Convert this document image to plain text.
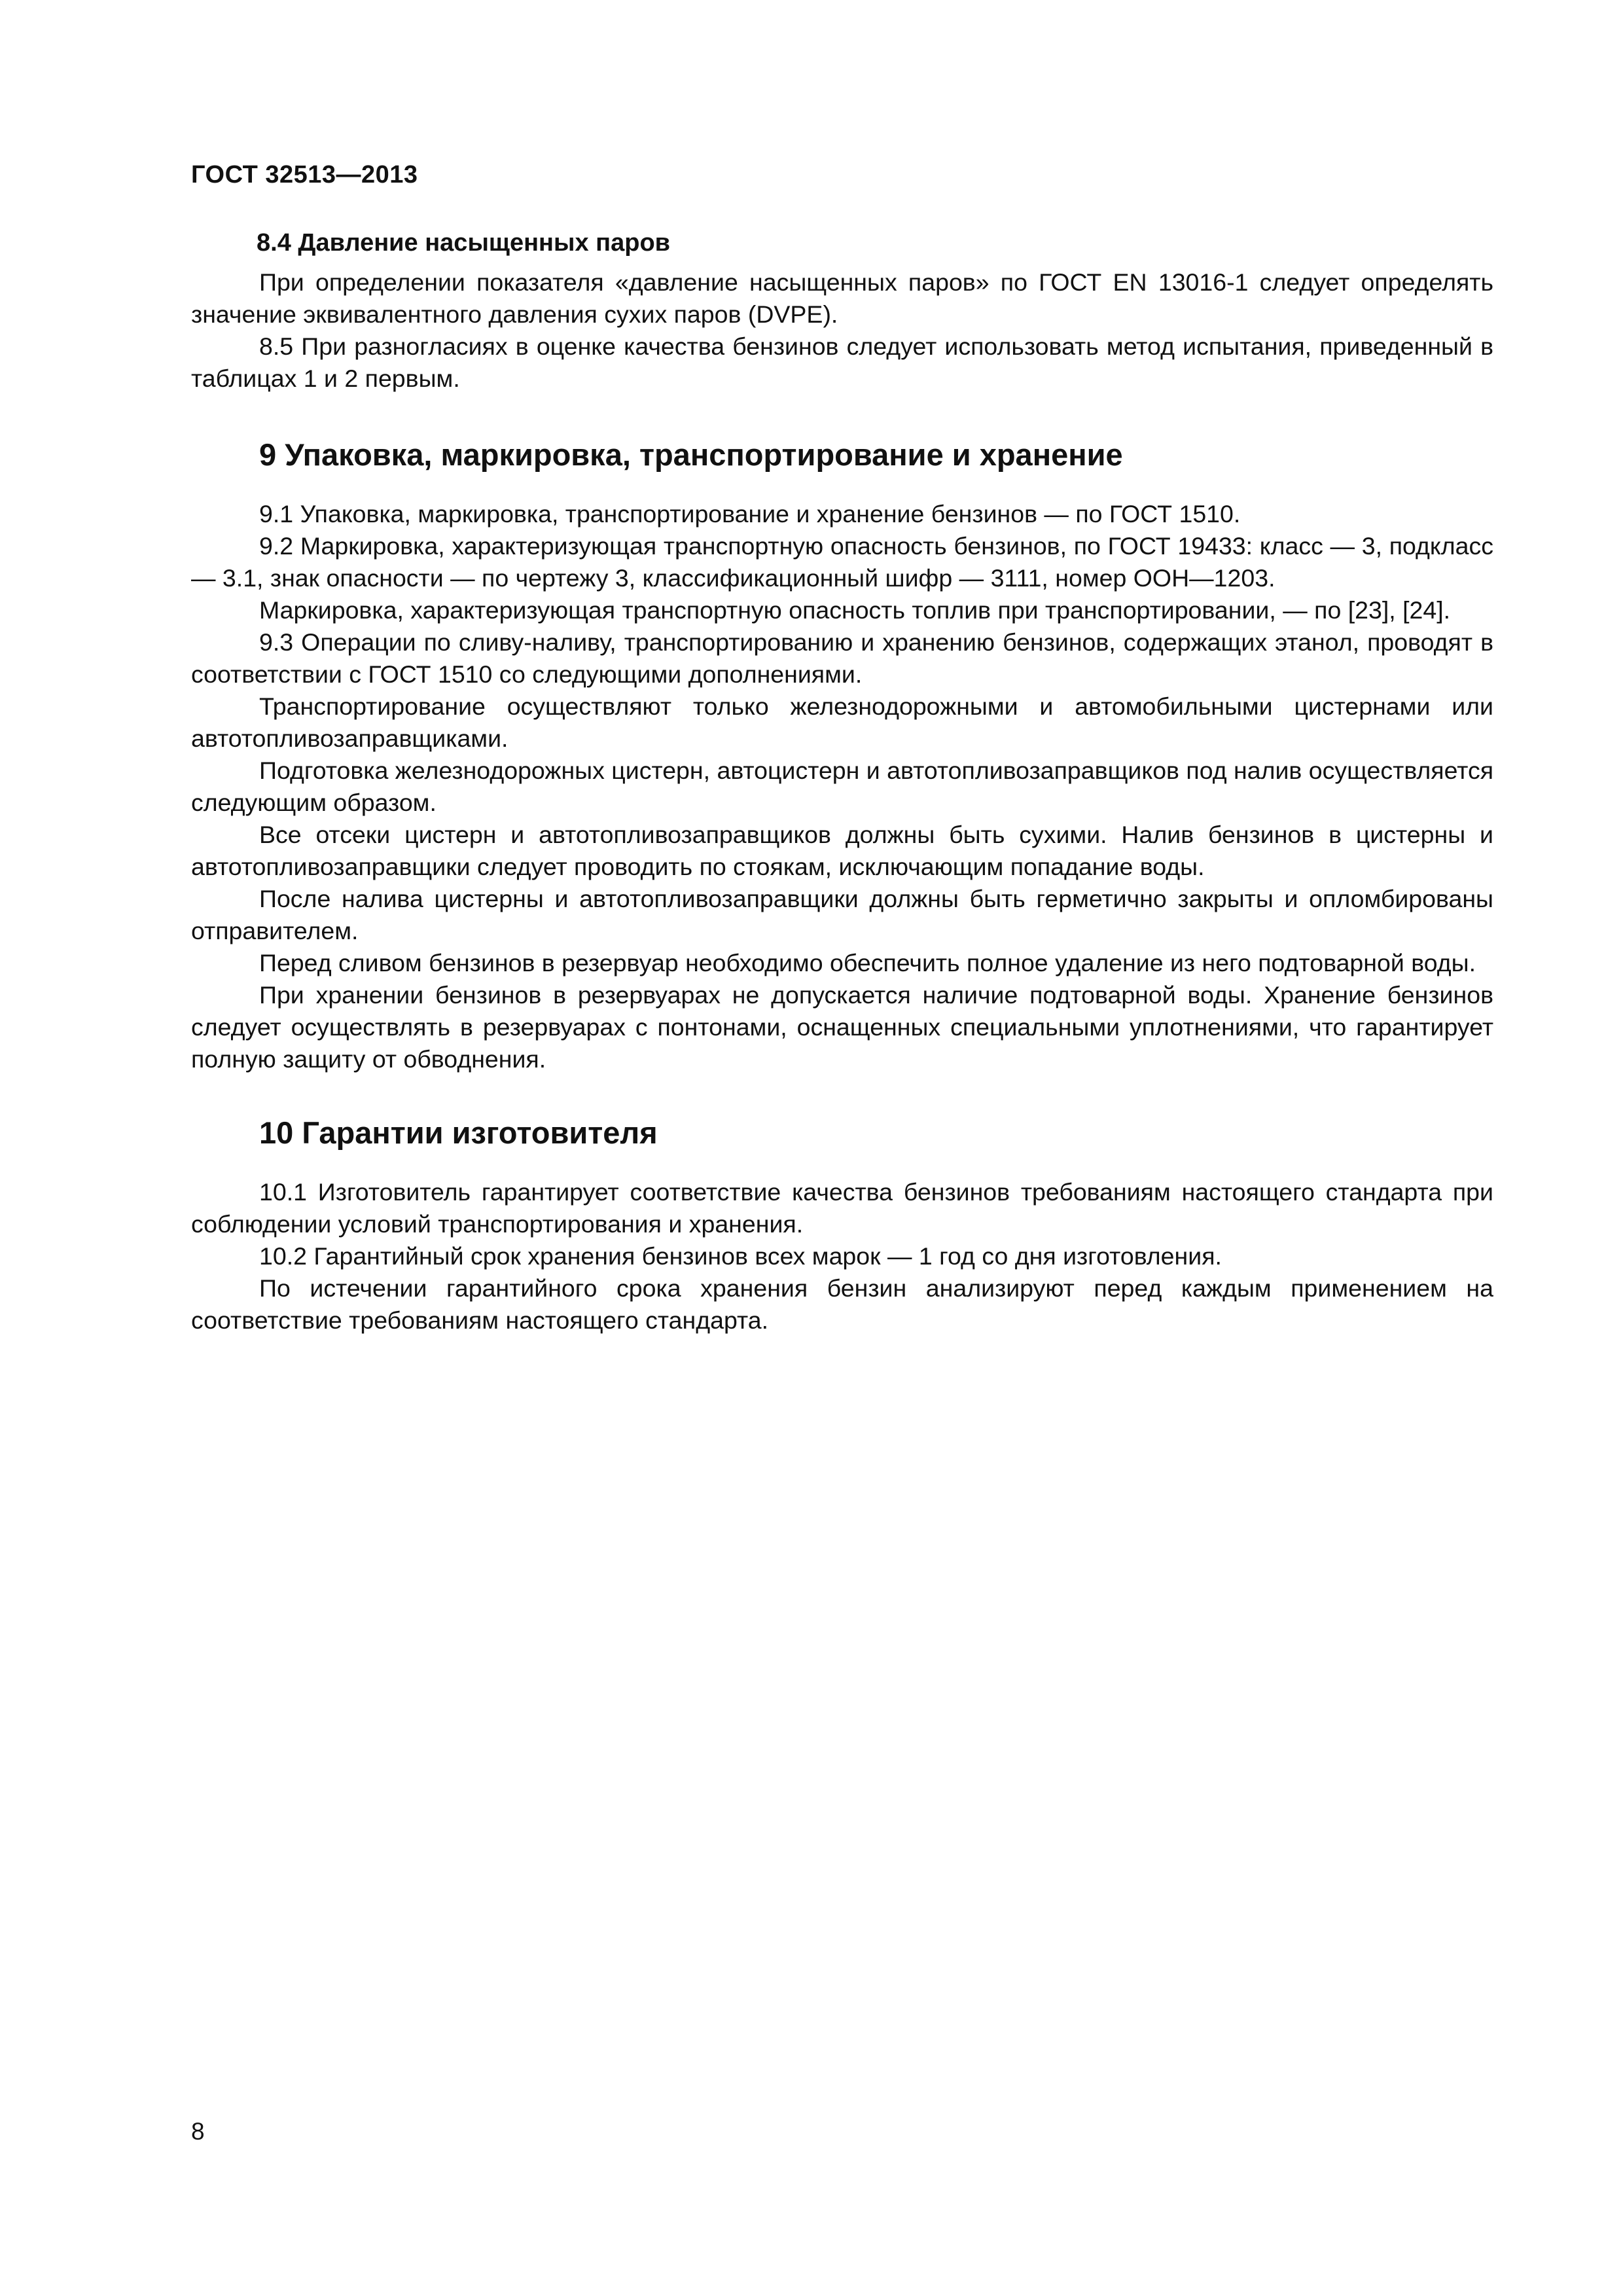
ГОСТ 32513—2013
8.4 Давление насыщенных паров

При определении показателя «давление насыщенных паров» по ГОСТ EN 13016-1 следует определять значение эквивалентного давления сухих паров (DVPE).

8.5 При разногласиях в оценке качества бензинов следует использовать метод испытания, приведенный в таблицах 1 и 2 первым.

9 Упаковка, маркировка, транспортирование и хранение

9.1 Упаковка, маркировка, транспортирование и хранение бензинов — по ГОСТ 1510.

9.2 Маркировка, характеризующая транспортную опасность бензинов, по ГОСТ 19433: класс — 3, подкласс — 3.1, знак опасности — по чертежу 3, классификационный шифр — 3111, номер ООН—1203.

Маркировка, характеризующая транспортную опасность топлив при транспортировании, — по [23], [24].

9.3 Операции по сливу-наливу, транспортированию и хранению бензинов, содержащих этанол, проводят в соответствии с ГОСТ 1510 со следующими дополнениями.

Транспортирование осуществляют только железнодорожными и автомобильными цистернами или автотопливозаправщиками.

Подготовка железнодорожных цистерн, автоцистерн и автотопливозаправщиков под налив осуществляется следующим образом.

Все отсеки цистерн и автотопливозаправщиков должны быть сухими. Налив бензинов в цистерны и автотопливозаправщики следует проводить по стоякам, исключающим попадание воды.

После налива цистерны и автотопливозаправщики должны быть герметично закрыты и опломбированы отправителем.

Перед сливом бензинов в резервуар необходимо обеспечить полное удаление из него подтоварной воды.

При хранении бензинов в резервуарах не допускается наличие подтоварной воды. Хранение бензинов следует осуществлять в резервуарах с понтонами, оснащенных специальными уплотнениями, что гарантирует полную защиту от обводнения.

10 Гарантии изготовителя

10.1 Изготовитель гарантирует соответствие качества бензинов требованиям настоящего стандарта при соблюдении условий транспортирования и хранения.

10.2 Гарантийный срок хранения бензинов всех марок — 1 год со дня изготовления.

По истечении гарантийного срока хранения бензин анализируют перед каждым применением на соответствие требованиям настоящего стандарта.

8
